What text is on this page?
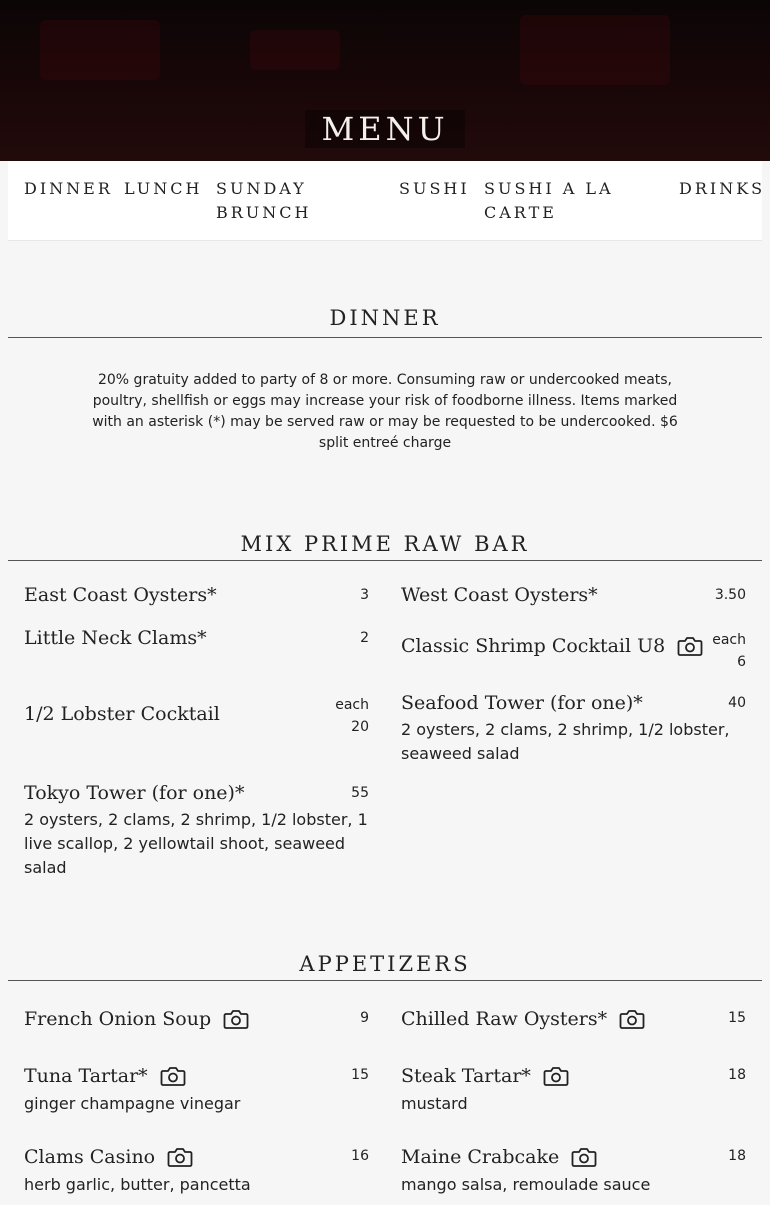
MENU
DINNER LUNCH SUNDAY BRUNCH
SUSHI SUSHI A LA CARTE
DRINKS
DINNER
20% gratuity added to party of 8 or more. Consuming raw or undercooked meats, poultry, shellfish or eggs may increase your risk of foodborne illness. Items marked with an asterisk (*) may be served raw or may be requested to be undercooked. $6 split entreé charge
MIX PRIME RAW BAR
East Coast Oysters*	3 West Coast Oysters*	3.50
Little Neck Clams*	2 Classic Shrimp Cocktail U8	each
6
1/2 Lobster Cocktail	each
20
Seafood Tower (for one)*	40
2 oysters, 2 clams, 2 shrimp, 1/2 lobster, seaweed salad
Tokyo Tower (for one)*	55
2 oysters, 2 clams, 2 shrimp, 1/2 lobster, 1 live scallop, 2 yellowtail shoot, seaweed salad
APPETIZERS
French Onion Soup	9 Chilled Raw Oysters*	15
Tuna Tartar*	15
ginger champagne vinegar
Steak Tartar*	18
mustard
Clams Casino	16
herb garlic, butter, pancetta
Maine Crabcake	18
mango salsa, remoulade sauce
